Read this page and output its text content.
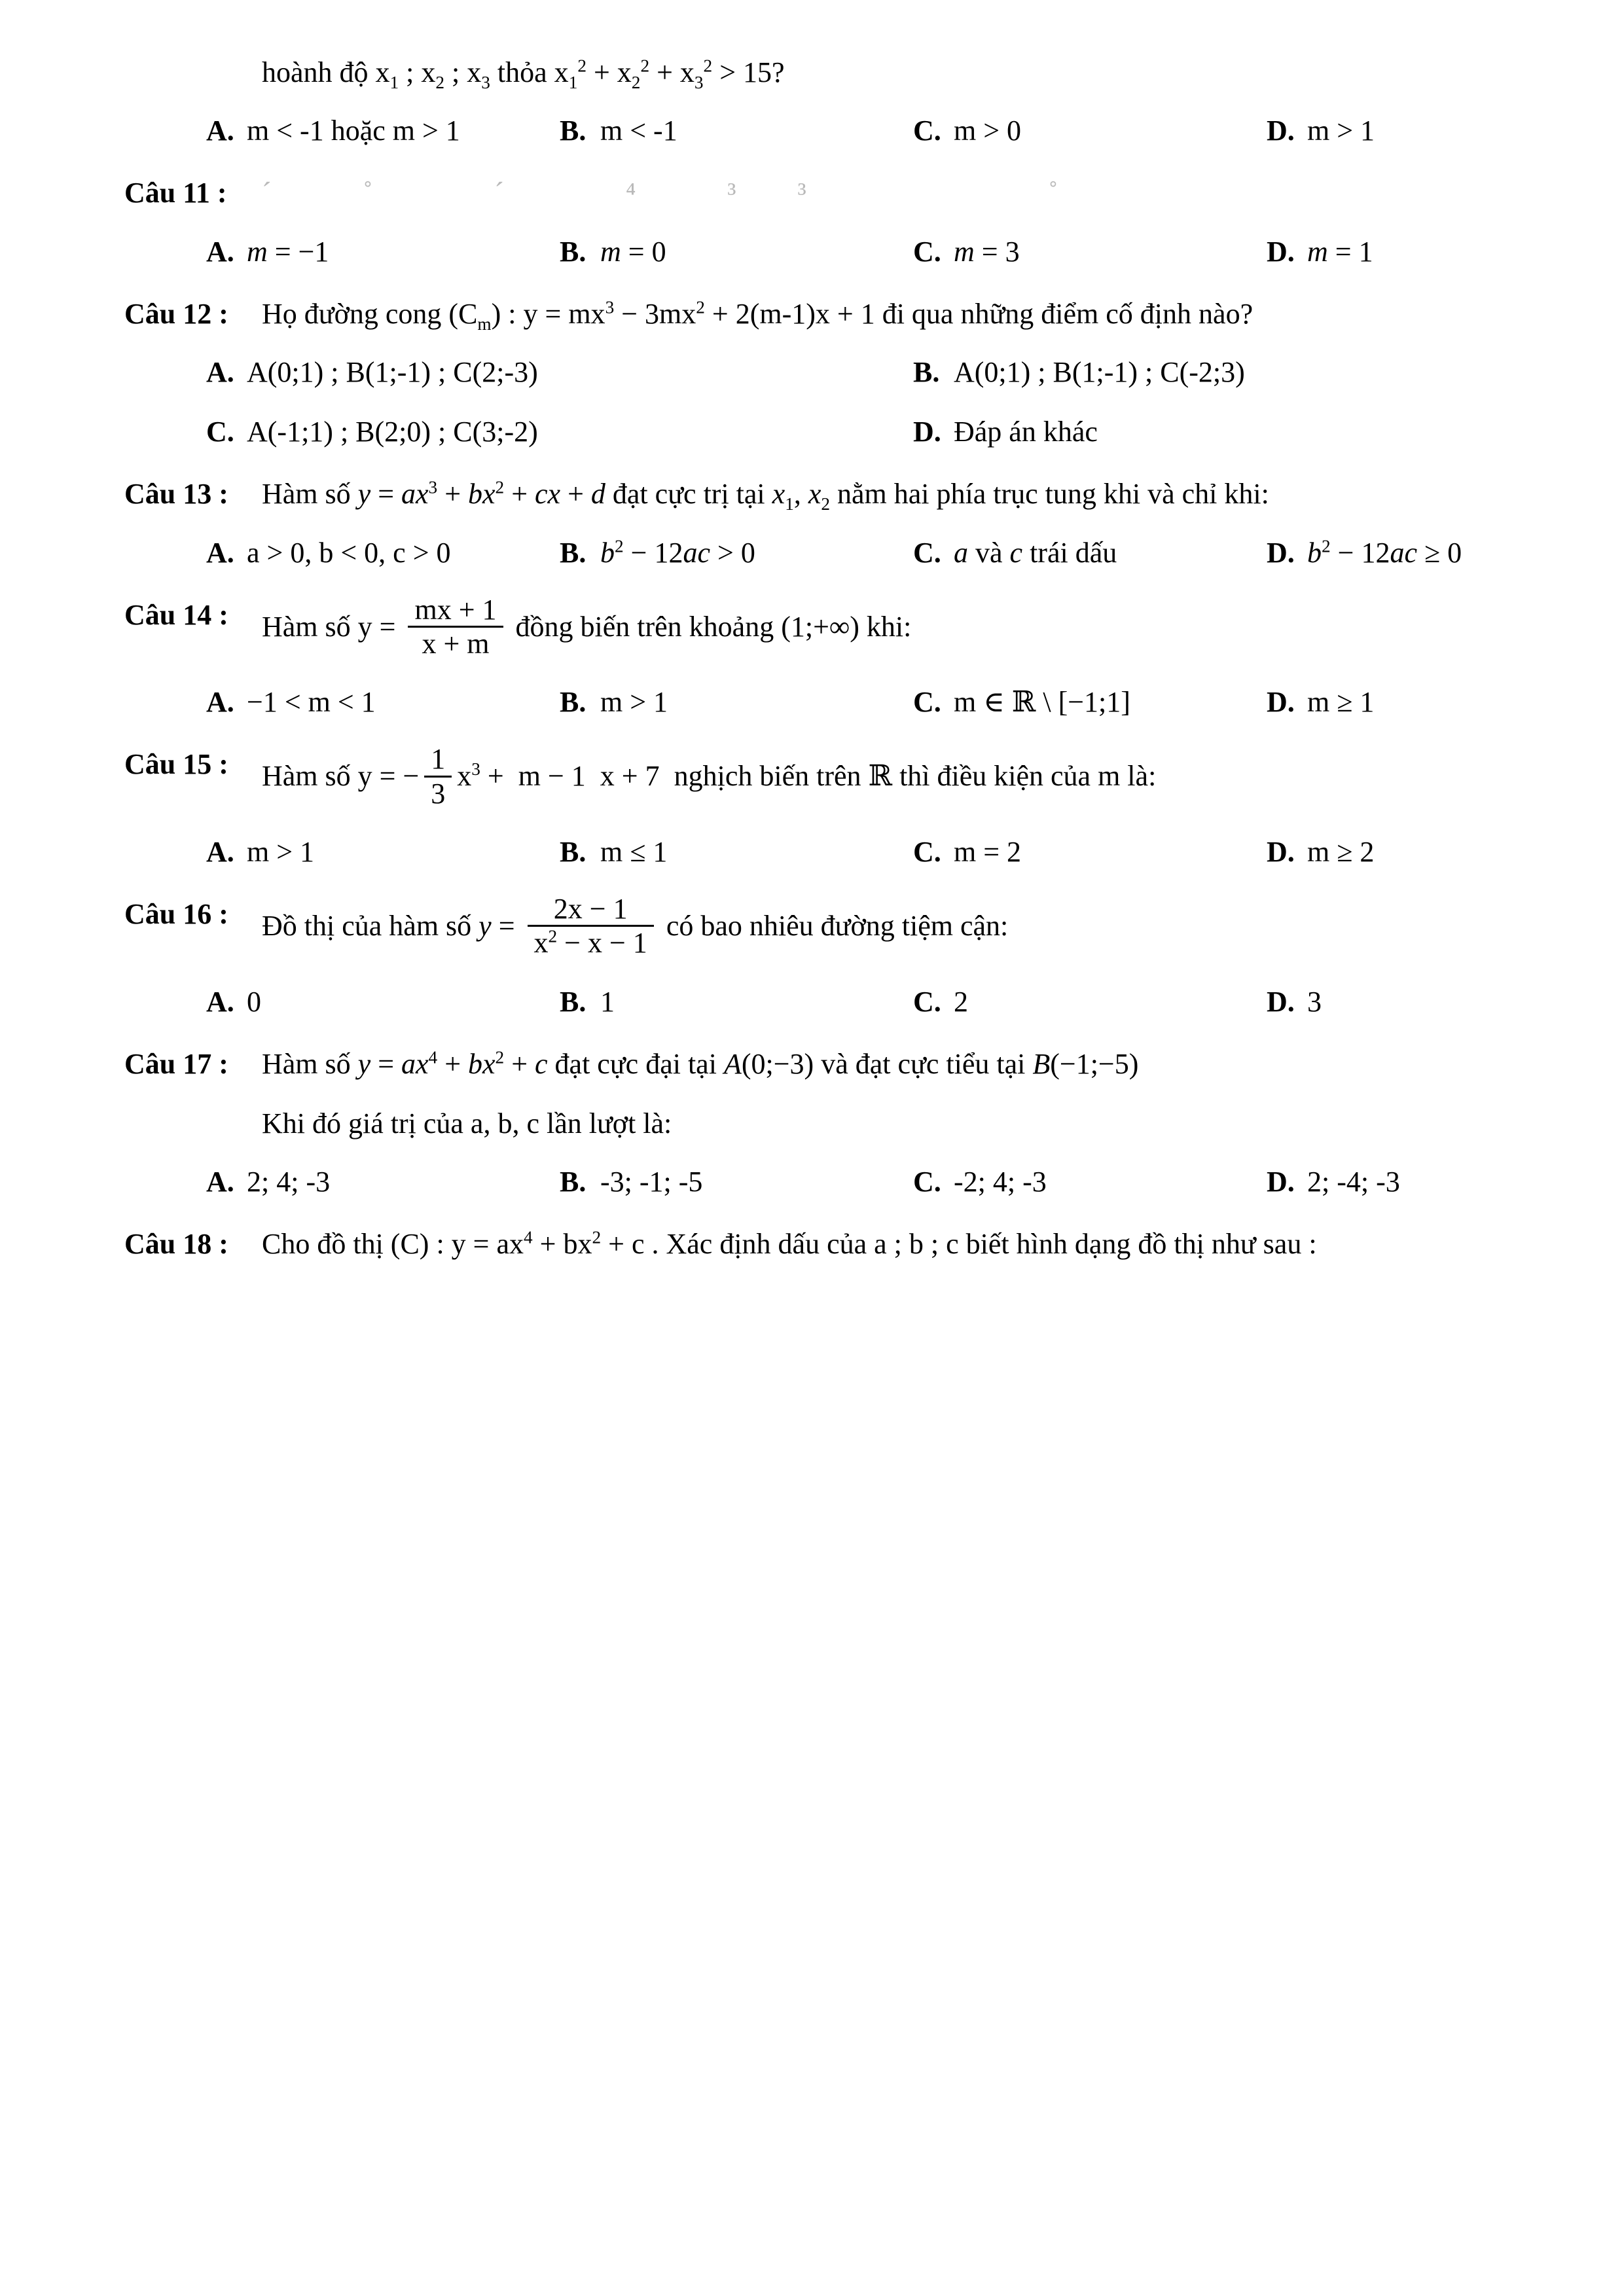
hoành độ $x_1$ ; $x_2$ ; $x_3$ thỏa $x_1^2 + x_2^2 + x_3^2 > 15$?
A. m < -1 hoặc m > 1	B. m < -1	C. m > 0	D. m > 1
Câu 11 :	ˊ   ˚    ˊ    ⁴   ³  ³        ˚
A. m = −1	B. m = 0	C. m = 3	D. m = 1
Câu 12 :	Họ đường cong $(C_m)$ : $y = mx^3 - 3mx^2 + 2(m-1)x + 1$ đi qua những điểm cố định nào?
A. A(0;1) ; B(1;-1) ; C(2;-3)	B. A(0;1) ; B(1;-1) ; C(-2;3)
C. A(-1;1) ; B(2;0) ; C(3;-2)	D. Đáp án khác
Câu 13 :	Hàm số $y = ax^3 + bx^2$ + cx + d đạt cực trị tại $x_1$, $x_2$ nằm hai phía trục tung khi và chỉ khi:
A. a > 0, b < 0, c > 0	B. $b^2 - 12ac > 0$	C. a và c trái dấu	D. $b^2 - 12ac \ge 0$
Câu 14 :	Hàm số $y = \frac{mx + 1}{x + m}$ đồng biến trên khoảng (1;+∞) khi:
A. −1 < m < 1	B. m > 1	C. m ∈ ℝ \ [−1;1]	D. m ≥ 1
Câu 15 :	Hàm số y = − $\frac{1}{3} x^3$ + m − 1 x + 7 nghịch biến trên ℝ thì điều kiện của m là:
A. m > 1	B. m ≤ 1	C. m = 2	D. m ≥ 2
Câu 16 :	Đồ thị của hàm số $y = \frac{2x - 1}{x^2 - x - 1}$ có bao nhiêu đường tiệm cận:
A. 0	B. 1	C. 2	D. 3
Câu 17 :	Hàm số $y = ax^4 + bx^2 + c$ đạt cực đại tại A(0;−3) và đạt cực tiểu tại B(−1;−5)
Khi đó giá trị của a, b, c lần lượt là:
A. 2; 4; -3	B. -3; -1; -5	C. -2; 4; -3	D. 2; -4; -3
Câu 18 :	Cho đồ thị (C) : $y = ax^4 + bx^2 + c$ . Xác định dấu của a ; b ; c biết hình dạng đồ thị như sau :
